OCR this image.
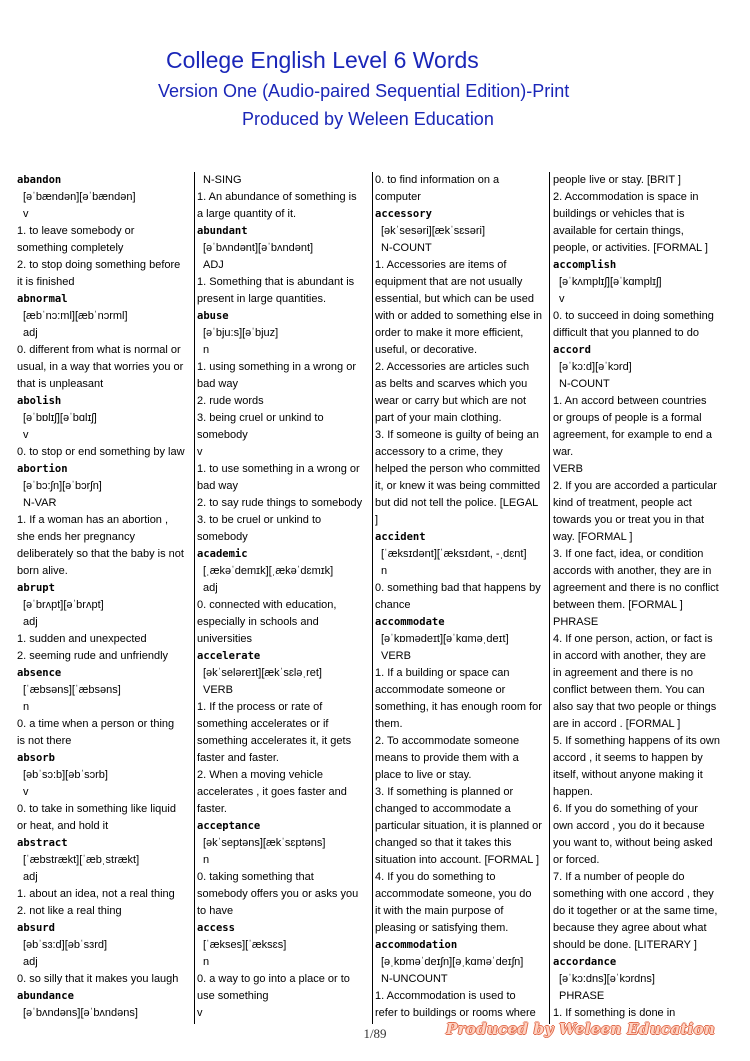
College English Level 6 Words
Version One (Audio-paired Sequential Edition)-Print
Produced by Weleen Education
abandon
[əˈbændən][əˈbændən]
v
1. to leave somebody or
something completely
2. to stop doing something before
it is finished
abnormal
[æbˈnɔ:ml][æbˈnɔrml]
adj
0. different from what is normal or
usual, in a way that worries you or
that is unpleasant
abolish
[əˈbɒlɪʃ][əˈbɑlɪʃ]
v
0. to stop or end something by law
abortion
[əˈbɔ:ʃn][əˈbɔrʃn]
N-VAR
1. If a woman has an abortion ,
she ends her pregnancy
deliberately so that the baby is not
born alive.
abrupt
[əˈbrʌpt][əˈbrʌpt]
adj
1. sudden and unexpected
2. seeming rude and unfriendly
absence
[ˈæbsəns][ˈæbsəns]
n
0. a time when a person or thing
is not there
absorb
[əbˈsɔ:b][əbˈsɔrb]
v
0. to take in something like liquid
or heat, and hold it
abstract
[ˈæbstrækt][ˈæbˌstrækt]
adj
1. about an idea, not a real thing
2. not like a real thing
absurd
[əbˈsɜ:d][əbˈsɜrd]
adj
0. so silly that it makes you laugh
abundance
[əˈbʌndəns][əˈbʌndəns]
N-SING
1. An abundance of something is
a large quantity of it.
abundant
[əˈbʌndənt][əˈbʌndənt]
ADJ
1. Something that is abundant is
present in large quantities.
abuse
[əˈbju:s][əˈbjuz]
n
1. using something in a wrong or
bad way
2. rude words
3. being cruel or unkind to
somebody
v
1. to use something in a wrong or
bad way
2. to say rude things to somebody
3. to be cruel or unkind to
somebody
academic
[ˌækəˈdemɪk][ˌækəˈdɛmɪk]
adj
0. connected with education,
especially in schools and
universities
accelerate
[əkˈseləreɪt][ækˈsɛləˌret]
VERB
1. If the process or rate of
something accelerates or if
something accelerates it, it gets
faster and faster.
2. When a moving vehicle
accelerates , it goes faster and
faster.
acceptance
[əkˈseptəns][ækˈsɛptəns]
n
0. taking something that
somebody offers you or asks you
to have
access
[ˈækses][ˈæksɛs]
n
0. a way to go into a place or to
use something
v
0. to find information on a
computer
accessory
[əkˈsesəri][ækˈsɛsəri]
N-COUNT
1. Accessories are items of
equipment that are not usually
essential, but which can be used
with or added to something else in
order to make it more efficient,
useful, or decorative.
2. Accessories are articles such
as belts and scarves which you
wear or carry but which are not
part of your main clothing.
3. If someone is guilty of being an
accessory to a crime, they
helped the person who committed
it, or knew it was being committed
but did not tell the police. [LEGAL
]
accident
[ˈæksɪdənt][ˈæksɪdənt, -ˌdɛnt]
n
0. something bad that happens by
chance
accommodate
[əˈkɒmədeɪt][əˈkɑməˌdeɪt]
VERB
1. If a building or space can
accommodate someone or
something, it has enough room for
them.
2. To accommodate someone
means to provide them with a
place to live or stay.
3. If something is planned or
changed to accommodate a
particular situation, it is planned or
changed so that it takes this
situation into account. [FORMAL ]
4. If you do something to
accommodate someone, you do
it with the main purpose of
pleasing or satisfying them.
accommodation
[əˌkɒməˈdeɪʃn][əˌkɑməˈdeɪʃn]
N-UNCOUNT
1. Accommodation is used to
refer to buildings or rooms where
people live or stay. [BRIT ]
2. Accommodation is space in
buildings or vehicles that is
available for certain things,
people, or activities. [FORMAL ]
accomplish
[əˈkʌmplɪʃ][əˈkɑmplɪʃ]
v
0. to succeed in doing something
difficult that you planned to do
accord
[əˈkɔ:d][əˈkɔrd]
N-COUNT
1. An accord between countries
or groups of people is a formal
agreement, for example to end a
war.
VERB
2. If you are accorded a particular
kind of treatment, people act
towards you or treat you in that
way. [FORMAL ]
3. If one fact, idea, or condition
accords with another, they are in
agreement and there is no conflict
between them. [FORMAL ]
PHRASE
4. If one person, action, or fact is
in accord with another, they are
in agreement and there is no
conflict between them. You can
also say that two people or things
are in accord . [FORMAL ]
5. If something happens of its own
accord , it seems to happen by
itself, without anyone making it
happen.
6. If you do something of your
own accord , you do it because
you want to, without being asked
or forced.
7. If a number of people do
something with one accord , they
do it together or at the same time,
because they agree about what
should be done. [LITERARY ]
accordance
[əˈkɔ:dns][əˈkɔrdns]
PHRASE
1. If something is done in
1/89	Produced by Weleen Education
